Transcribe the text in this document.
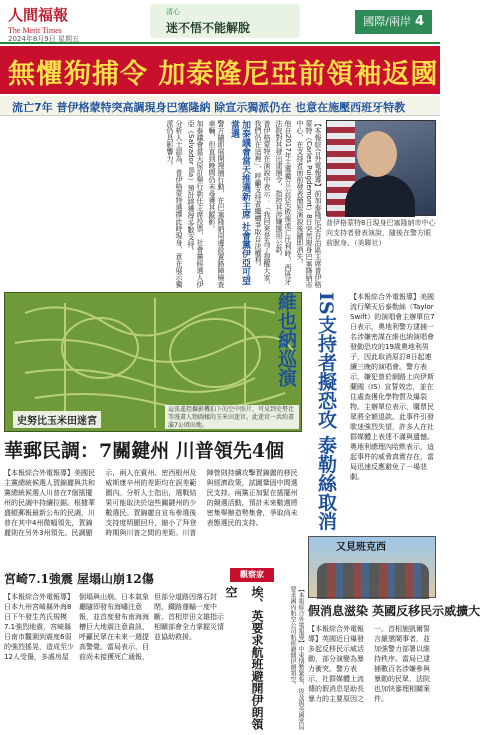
人間福報
The Merit Times
2024年8月9日 星期五
清心
迷不悟不能解脫	國際/兩岸 4
無懼狗捕令 加泰隆尼亞前領袖返國
流亡7年 普伊格蒙特突高調現身巴塞隆納 除宣示獨派仍在 也意在施壓西班牙特教
【本報綜合外電報導】前加泰隆尼亞自治區主席普伊格蒙特（Carles Puigdemont）8日突然現身巴塞隆納市中心，在支持者面前發表簡短演說後隨即消失。
他自2017年主導獨立公投失敗後流亡比利時，西班牙法院對其發出逮捕令，指控其涉嫌挪用公款。
普伊格蒙特在演說中表示：「我回來是為了提醒大家，我們仍在這裡」，呼籲支持者繼續爭取自決權利。
加泰議會當天推選新主席 社會黨伊亞可望當選
警方隨即展開搜捕行動，在巴塞隆納周邊設置路障檢查車輛，但直到晚間仍未尋獲其蹤影。
加泰議會當天原訂舉行新任主席投票，社會黨候選人伊亞（Salvador Illa）預計將獲得多數支持。
分析人士認為，普伊格蒙特選擇此時現身，意在展示獨派仍具影響力。
普伊格蒙特8日現身巴塞隆納市中心向支持者發表演說，隨後在警方眼前脫身。（美聯社）
史努比玉米田迷宮
這張遙控攝影機拍下的空中照片，可見到史努比等漫畫人物圖樣的玉米田迷宮。此迷宮一共約畫滿7公頃田地。	IS支持者擬恐攻 泰勒絲取消維也納巡演	【本報綜合外電報導】美國流行樂天后泰勒絲（Taylor Swift）的演唱會主辦單位7日表示，奧地利警方逮捕一名涉嫌密謀在維也納演唱會發動恐攻的19歲奧地利男子，因此取消原訂8日起連續三晚的演唱會。警方表示，嫌犯曾於網路上向伊斯蘭國（IS）宣誓效忠，並在住處查獲化學物質及爆裂物。主辦單位表示，購票民眾將全額退款。此事件引發歌迷強烈失望，許多人在社群媒體上表達不滿與遺憾。奧地利總理內哈默表示，這起事件的威脅真實存在，當局迅速反應避免了一場悲劇。
華郵民調：7關鍵州 川普領先4個
【本報綜合外電報導】美國民主黨總統候選人賀錦麗與共和黨總統候選人川普在7個搖擺州的民調中持續拉鋸。根據華盛頓郵報最新公布的民調，川普在其中4州微幅領先，賀錦麗則在另外3州領先。民調顯示，兩人在賓州、密西根州及威斯康辛州的差距均在誤差範圍內。分析人士指出，選戰結果可能取決於這些關鍵州的少數選民。賀錦麗自宣布參選後支持度明顯回升，縮小了拜登時期與川普之間的差距。川普陣營則持續攻擊賀錦麗的移民與經濟政策，試圖鞏固中間選民支持。兩黨正加緊在搖擺州的競選活動，預計未來數週將密集舉辦造勢集會，爭取尚未表態選民的支持。
宮崎7.1強震 屋塌山崩12傷	觀察家
【本報綜合外電報導】日本九州宮崎縣外海8日下午發生芮氏規模7.1強烈地震，宮崎縣日南市觀測到震度6弱的強烈搖晃，造成至少12人受傷，多處房屋倒塌與山崩。日本氣象廳隨即發布海嘯注意報，並首度發布南海海槽巨大地震注意資訊，呼籲民眾在未來一週提高警覺。當局表示，目前尚未接獲死亡通報，但部分道路因落石封閉，鐵路運輸一度中斷。首相岸田文雄指示相關部會全力掌握災情並協助救援。	埃、英要求航班避開伊朗領空	【本報綜合外電報導】中東情勢緊張，埃及與英國當局要求國內航空公司航班避開伊朗領空。
又見班克西
假消息滋染 英國反移民示威擴大
【本報綜合外電報導】英國近日爆發多起反移民示威活動，部分演變為暴力衝突。警方表示，社群媒體上流傳的假消息是助長暴力的主要原因之一。首相施凱爾誓言嚴懲鬧事者，並加強警力部署以維持秩序。當局已逮捕數百名涉嫌參與暴動的民眾，法院也加快審理相關案件。
